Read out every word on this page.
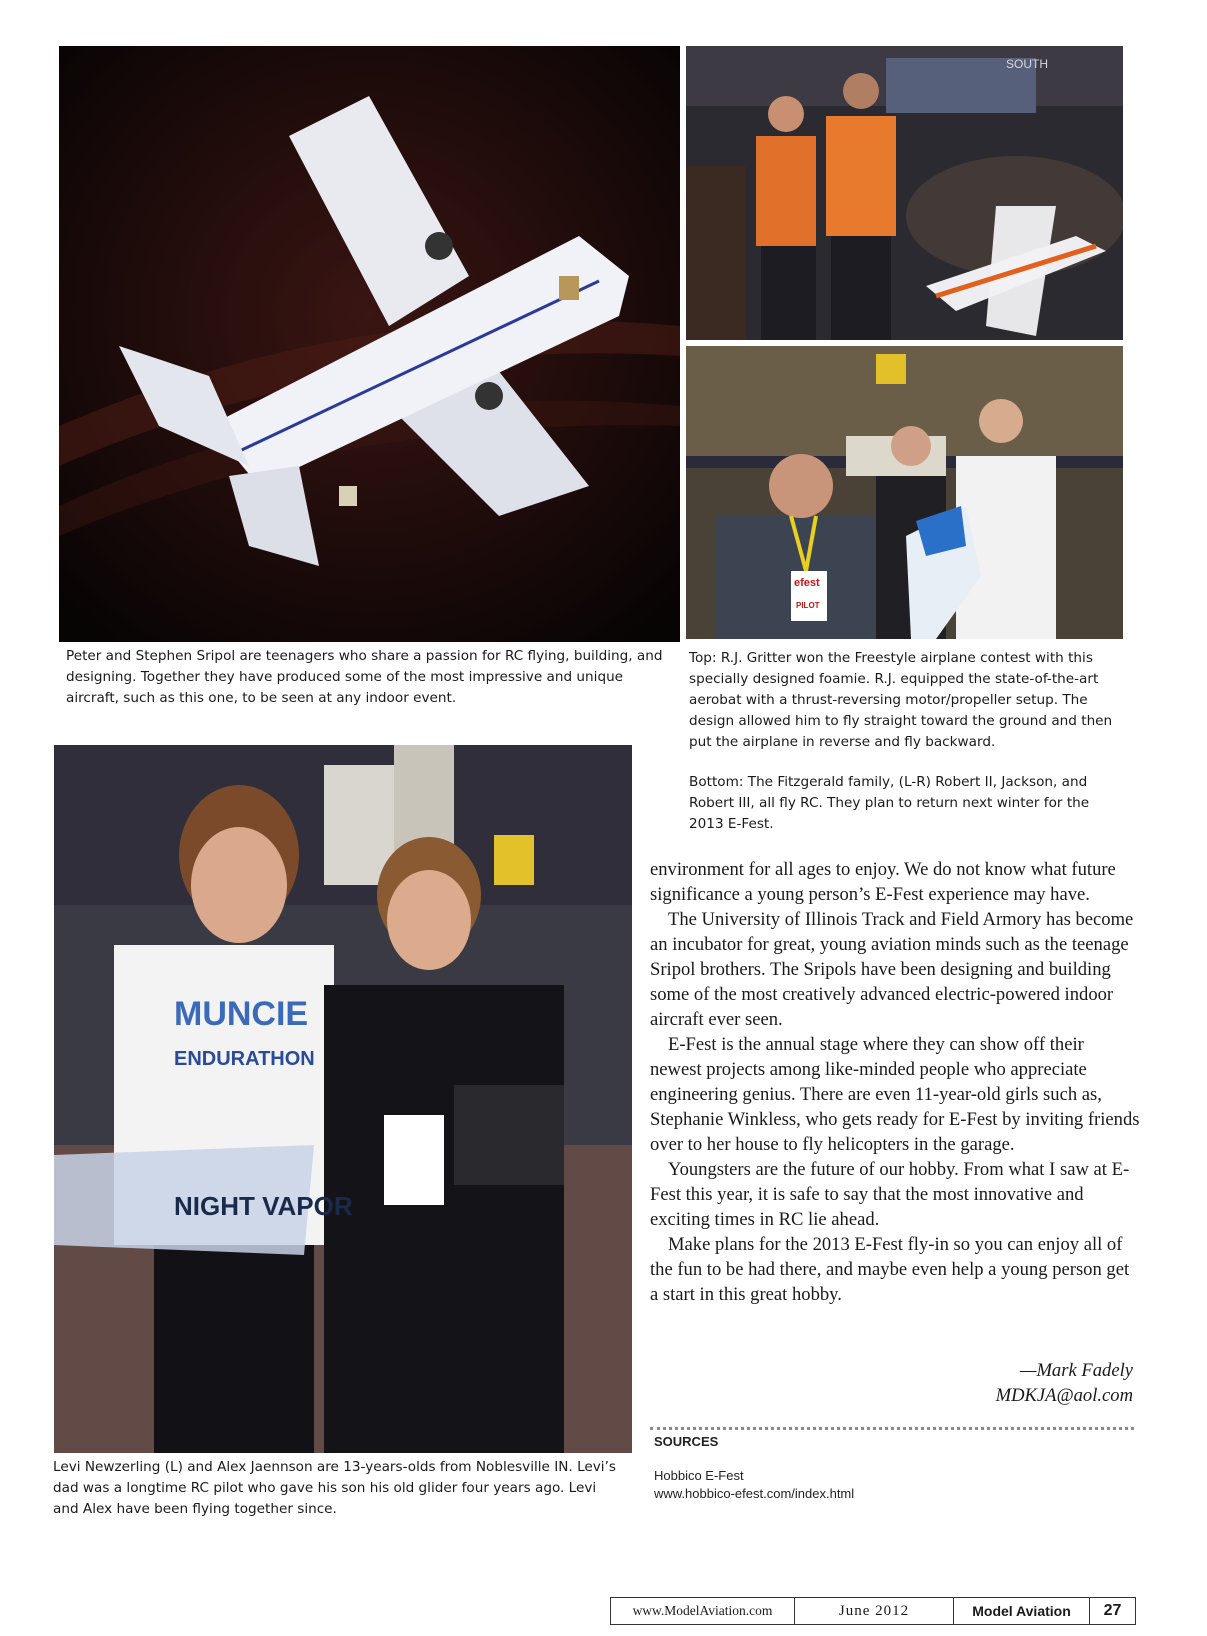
SOUTH
efest
PILOT

Peter and Stephen Sripol are teenagers who share a passion for RC flying, building, and designing. Together they have produced some of the most impressive and unique aircraft, such as this one, to be seen at any indoor event.

Top: R.J. Gritter won the Freestyle airplane contest with this specially designed foamie. R.J. equipped the state-of-the-art aerobat with a thrust-reversing motor/propeller setup. The design allowed him to fly straight toward the ground and then put the airplane in reverse and fly backward.

Bottom: The Fitzgerald family, (L-R) Robert II, Jackson, and Robert III, all fly RC. They plan to return next winter for the 2013 E-Fest.

MUNCIE
ENDURATHON
NIGHT VAPOR

Levi Newzerling (L) and Alex Jaennson are 13-years-olds from Noblesville IN. Levi’s dad was a longtime RC pilot who gave his son his old glider four years ago. Levi and Alex have been flying together since.

environment for all ages to enjoy. We do not know what future significance a young person’s E-Fest experience may have.

The University of Illinois Track and Field Armory has become an incubator for great, young aviation minds such as the teenage Sripol brothers. The Sripols have been designing and building some of the most creatively advanced electric-powered indoor aircraft ever seen.

E-Fest is the annual stage where they can show off their newest projects among like-minded people who appreciate engineering genius. There are even 11-year-old girls such as, Stephanie Winkless, who gets ready for E-Fest by inviting friends over to her house to fly helicopters in the garage.

Youngsters are the future of our hobby. From what I saw at E-Fest this year, it is safe to say that the most innovative and exciting times in RC lie ahead.

Make plans for the 2013 E-Fest fly-in so you can enjoy all of the fun to be had there, and maybe even help a young person get a start in this great hobby.

—Mark Fadely
MDKJA@aol.com
SOURCES

Hobbico E-Fest

www.hobbico-efest.com/index.html

www.ModelAviation.com	June 2012	Model Aviation	27
